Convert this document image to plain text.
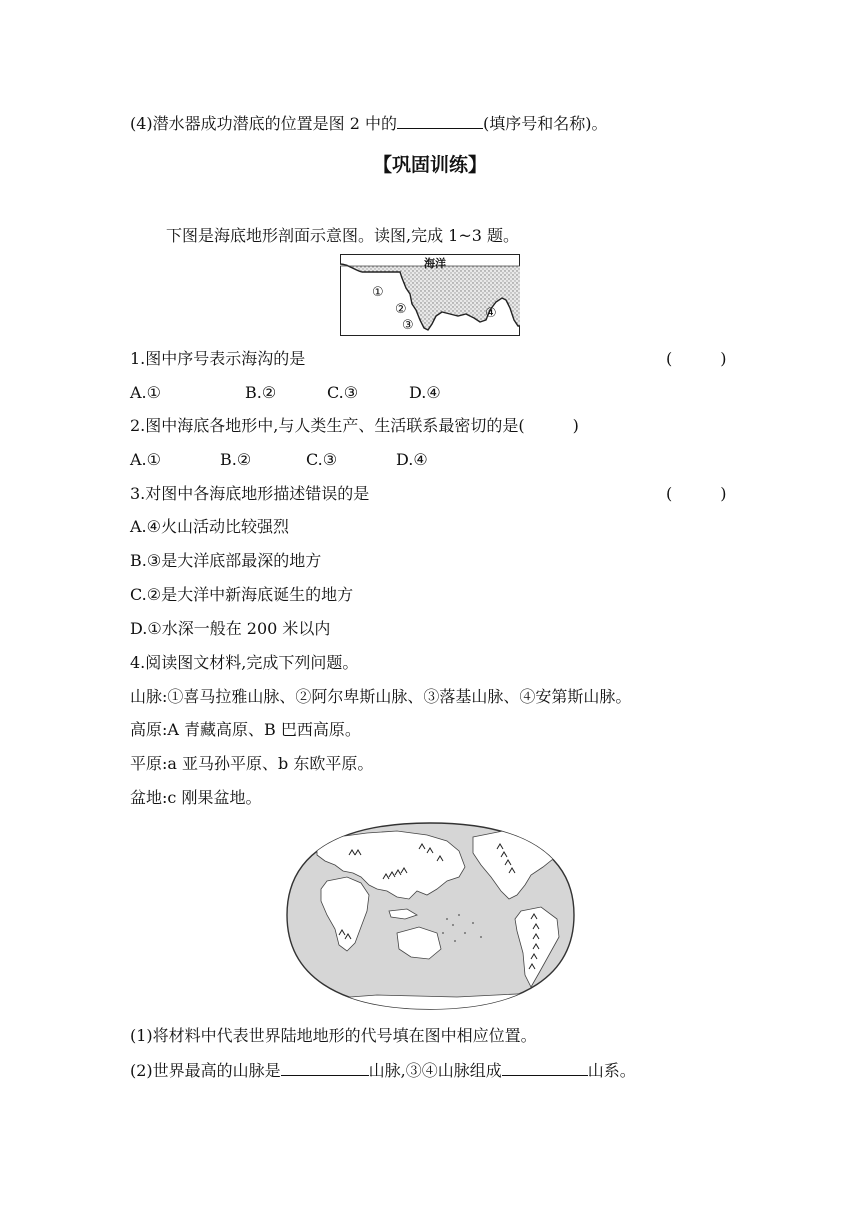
(4)潜水器成功潜底的位置是图 2 中的	(填序号和名称)。
【巩固训练】
下图是海底地形剖面示意图。读图,完成 1~3 题。
海洋
①
②
③
④
1.图中序号表示海沟的是	(　　　)
A.①	B.②	C.③	D.④
2.图中海底各地形中,与人类生产、生活联系最密切的是(　　　)
A.①	B.②	C.③	D.④
3.对图中各海底地形描述错误的是	(　　　)
A.④火山活动比较强烈
B.③是大洋底部最深的地方
C.②是大洋中新海底诞生的地方
D.①水深一般在 200 米以内
4.阅读图文材料,完成下列问题。
山脉:①喜马拉雅山脉、②阿尔卑斯山脉、③落基山脉、④安第斯山脉。
高原:A 青藏高原、B 巴西高原。
平原:a 亚马孙平原、b 东欧平原。
盆地:c 刚果盆地。
(1)将材料中代表世界陆地地形的代号填在图中相应位置。
(2)世界最高的山脉是	山脉,③④山脉组成	山系。
